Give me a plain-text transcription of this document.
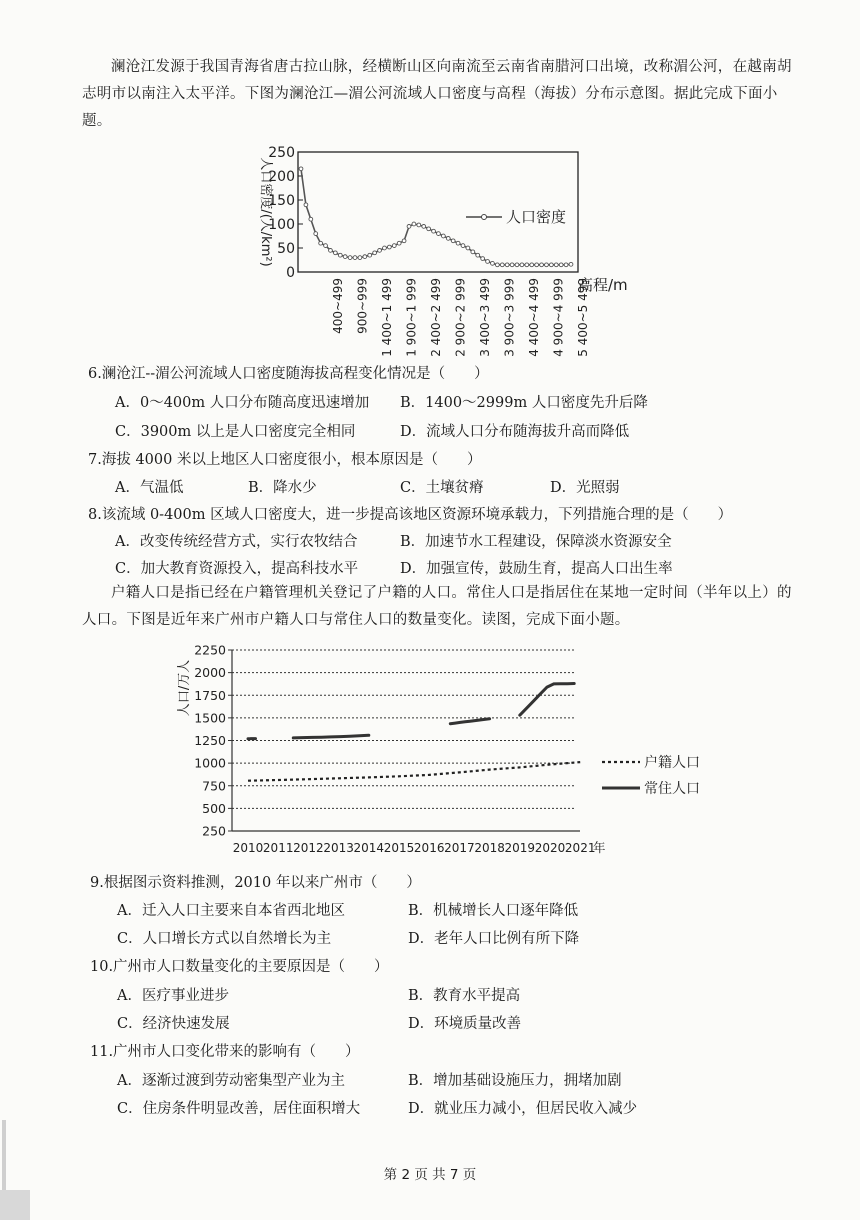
澜沧江发源于我国青海省唐古拉山脉，经横断山区向南流至云南省南腊河口出境，改称湄公河，在越南胡志明市以南注入太平洋。下图为澜沧江—湄公河流域人口密度与高程（海拔）分布示意图。据此完成下面小题。

250
200
150
100
50
0
400~499 900~999 1 400~1 499 1 900~1 999 2 400~2 499 2 900~2 999 3 400~3 499 3 900~3 999 4 400~4 499 4 900~4 999 5 400~5 499
人口密度/(人/km²)	人口密度
高程/m

6.澜沧江--湄公河流域人口密度随海拔高程变化情况是（　　）

A．0～400m 人口分布随高度迅速增加 B．1400～2999m 人口密度先升后降

C．3900m 以上是人口密度完全相同	D．流域人口分布随海拔升高而降低

7.海拔 4000 米以上地区人口密度很小，根本原因是（　　）

A．气温低	B．降水少	C．土壤贫瘠	D．光照弱

8.该流域 0-400m 区域人口密度大，进一步提高该地区资源环境承载力，下列措施合理的是（　　）

A．改变传统经营方式，实行农牧结合	B．加速节水工程建设，保障淡水资源安全

C．加大教育资源投入，提高科技水平	D．加强宣传，鼓励生育，提高人口出生率

户籍人口是指已经在户籍管理机关登记了户籍的人口。常住人口是指居住在某地一定时间（半年以上）的人口。下图是近年来广州市户籍人口与常住人口的数量变化。读图，完成下面小题。

2250
2000
1750
1500
1250
1000
750
500
250
2010 2011 2012 2013 2014 2015 2016 2017 2018 2019 2020 2021
年
人口/万人
户籍人口
常住人口

9.根据图示资料推测，2010 年以来广州市（　　）

A．迁入人口主要来自本省西北地区	B．机械增长人口逐年降低

C．人口增长方式以自然增长为主	D．老年人口比例有所下降

10.广州市人口数量变化的主要原因是（　　）

A．医疗事业进步	B．教育水平提高

C．经济快速发展	D．环境质量改善

11.广州市人口变化带来的影响有（　　）

A．逐渐过渡到劳动密集型产业为主	B．增加基础设施压力，拥堵加剧

C．住房条件明显改善，居住面积增大	D．就业压力减小，但居民收入减少

第 2 页 共 7 页
